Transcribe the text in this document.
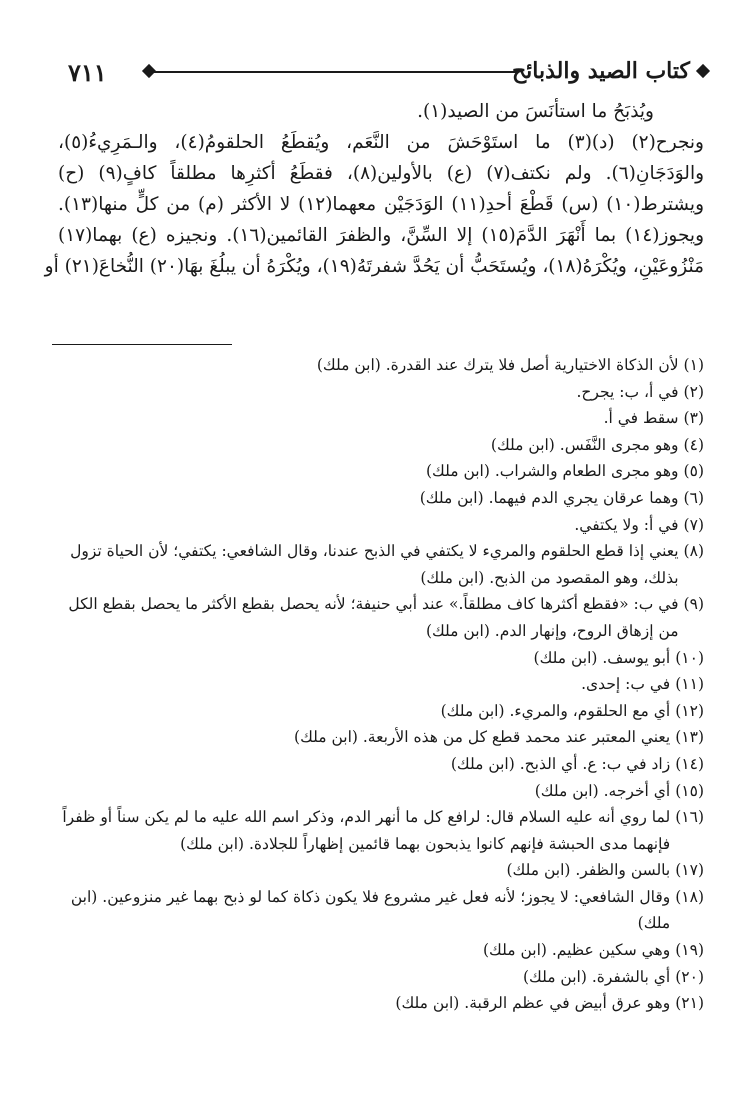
٧١١	كتاب الصيد والذبائح
ويُذبَحُ ما استأنَسَ من الصيد(١).
ونجرح(٢) (د)(٣) ما استَوْحَشَ من النَّعَم، ويُقطَعُ الحلقومُ(٤)، والـمَرِيءُ(٥)،
والوَدَجَانِ(٦). ولم نكتف(٧) (ع) بالأولين(٨)، فقطَعُ أكثرِها مطلقاً كافٍ(٩) (ح)
ويشترط(١٠) (س) قَطْعَ أحدِ(١١) الوَدَجَيْن معهما(١٢) لا الأكثر (م) من كلٍّ منها(١٣).
ويجوز(١٤) بما أَنْهَرَ الدَّمَ(١٥) إلا السِّنَّ، والظفرَ القائمين(١٦). ونجيزه (ع) بهما(١٧)
مَنْزُوعَيْنِ، ويُكْرَهُ(١٨)، ويُستَحَبُّ أن يَحُدَّ شفرتَهُ(١٩)، ويُكْرَهُ أن يبلُغَ بهَا(٢٠) النُّخاعَ(٢١) أو
(١)
لأن الذكاة الاختيارية أصل فلا يترك عند القدرة. (ابن ملك)
(٢)
في أ، ب: يجرح.
(٣)
سقط في أ.
(٤)
وهو مجرى النَّفَس. (ابن ملك)
(٥)
وهو مجرى الطعام والشراب. (ابن ملك)
(٦)
وهما عرقان يجري الدم فيهما. (ابن ملك)
(٧)
في أ: ولا يكتفي.
(٨)
يعني إذا قطع الحلقوم والمريء لا يكتفي في الذبح عندنا، وقال الشافعي: يكتفي؛ لأن الحياة تزول بذلك، وهو المقصود من الذبح. (ابن ملك)
(٩)
في ب: «فقطع أكثرها كاف مطلقاً.» عند أبي حنيفة؛ لأنه يحصل بقطع الأكثر ما يحصل بقطع الكل من إزهاق الروح، وإنهار الدم. (ابن ملك)
(١٠)
أبو يوسف. (ابن ملك)
(١١)
في ب: إحدى.
(١٢)
أي مع الحلقوم، والمريء. (ابن ملك)
(١٣)
يعني المعتبر عند محمد قطع كل من هذه الأربعة. (ابن ملك)
(١٤)
زاد في ب: ع. أي الذبح. (ابن ملك)
(١٥)
أي أخرجه. (ابن ملك)
(١٦)
لما روي أنه عليه السلام قال: لرافع كل ما أنهر الدم، وذكر اسم الله عليه ما لم يكن سناً أو ظفراً فإنهما مدى الحبشة فإنهم كانوا يذبحون بهما قائمين إظهاراً للجلادة. (ابن ملك)
(١٧)
بالسن والظفر. (ابن ملك)
(١٨)
وقال الشافعي: لا يجوز؛ لأنه فعل غير مشروع فلا يكون ذكاة كما لو ذبح بهما غير منزوعين. (ابن ملك)
(١٩)
وهي سكين عظيم. (ابن ملك)
(٢٠)
أي بالشفرة. (ابن ملك)
(٢١)
وهو عرق أبيض في عظم الرقبة. (ابن ملك)
